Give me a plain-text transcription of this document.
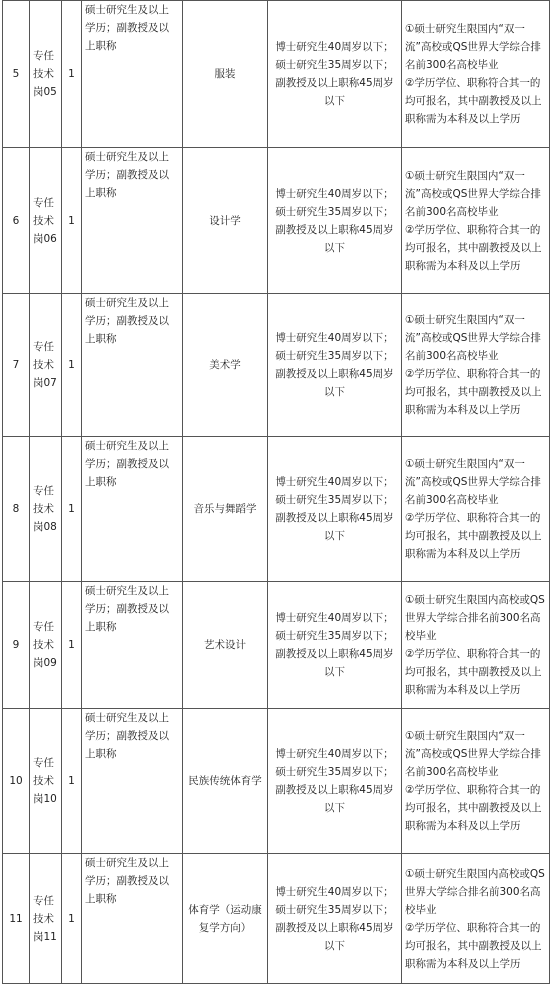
5	专任技术岗05	1	硕士研究生及以上学历；副教授及以上职称	服装	博士研究生40周岁以下；硕士研究生35周岁以下；副教授及以上职称45周岁以下	①硕士研究生限国内“双一流”高校或QS世界大学综合排名前300名高校毕业
②学历学位、职称符合其一的均可报名，其中副教授及以上职称需为本科及以上学历
6	专任技术岗06	1	硕士研究生及以上学历；副教授及以上职称	设计学	博士研究生40周岁以下；硕士研究生35周岁以下；副教授及以上职称45周岁以下	①硕士研究生限国内“双一流”高校或QS世界大学综合排名前300名高校毕业
②学历学位、职称符合其一的均可报名，其中副教授及以上职称需为本科及以上学历
7	专任技术岗07	1	硕士研究生及以上学历；副教授及以上职称	美术学	博士研究生40周岁以下；硕士研究生35周岁以下；副教授及以上职称45周岁以下	①硕士研究生限国内“双一流”高校或QS世界大学综合排名前300名高校毕业
②学历学位、职称符合其一的均可报名，其中副教授及以上职称需为本科及以上学历
8	专任技术岗08	1	硕士研究生及以上学历；副教授及以上职称	音乐与舞蹈学	博士研究生40周岁以下；硕士研究生35周岁以下；副教授及以上职称45周岁以下	①硕士研究生限国内“双一流”高校或QS世界大学综合排名前300名高校毕业
②学历学位、职称符合其一的均可报名，其中副教授及以上职称需为本科及以上学历
9	专任技术岗09	1	硕士研究生及以上学历；副教授及以上职称	艺术设计	博士研究生40周岁以下；硕士研究生35周岁以下；副教授及以上职称45周岁以下	①硕士研究生限国内高校或QS世界大学综合排名前300名高校毕业
②学历学位、职称符合其一的均可报名，其中副教授及以上职称需为本科及以上学历
10	专任技术岗10	1	硕士研究生及以上学历；副教授及以上职称	民族传统体育学	博士研究生40周岁以下；硕士研究生35周岁以下；副教授及以上职称45周岁以下	①硕士研究生限国内“双一流”高校或QS世界大学综合排名前300名高校毕业
②学历学位、职称符合其一的均可报名，其中副教授及以上职称需为本科及以上学历
11	专任技术岗11	1	硕士研究生及以上学历；副教授及以上职称	体育学（运动康复学方向）	博士研究生40周岁以下；硕士研究生35周岁以下；副教授及以上职称45周岁以下	①硕士研究生限国内高校或QS世界大学综合排名前300名高校毕业
②学历学位、职称符合其一的均可报名，其中副教授及以上职称需为本科及以上学历
